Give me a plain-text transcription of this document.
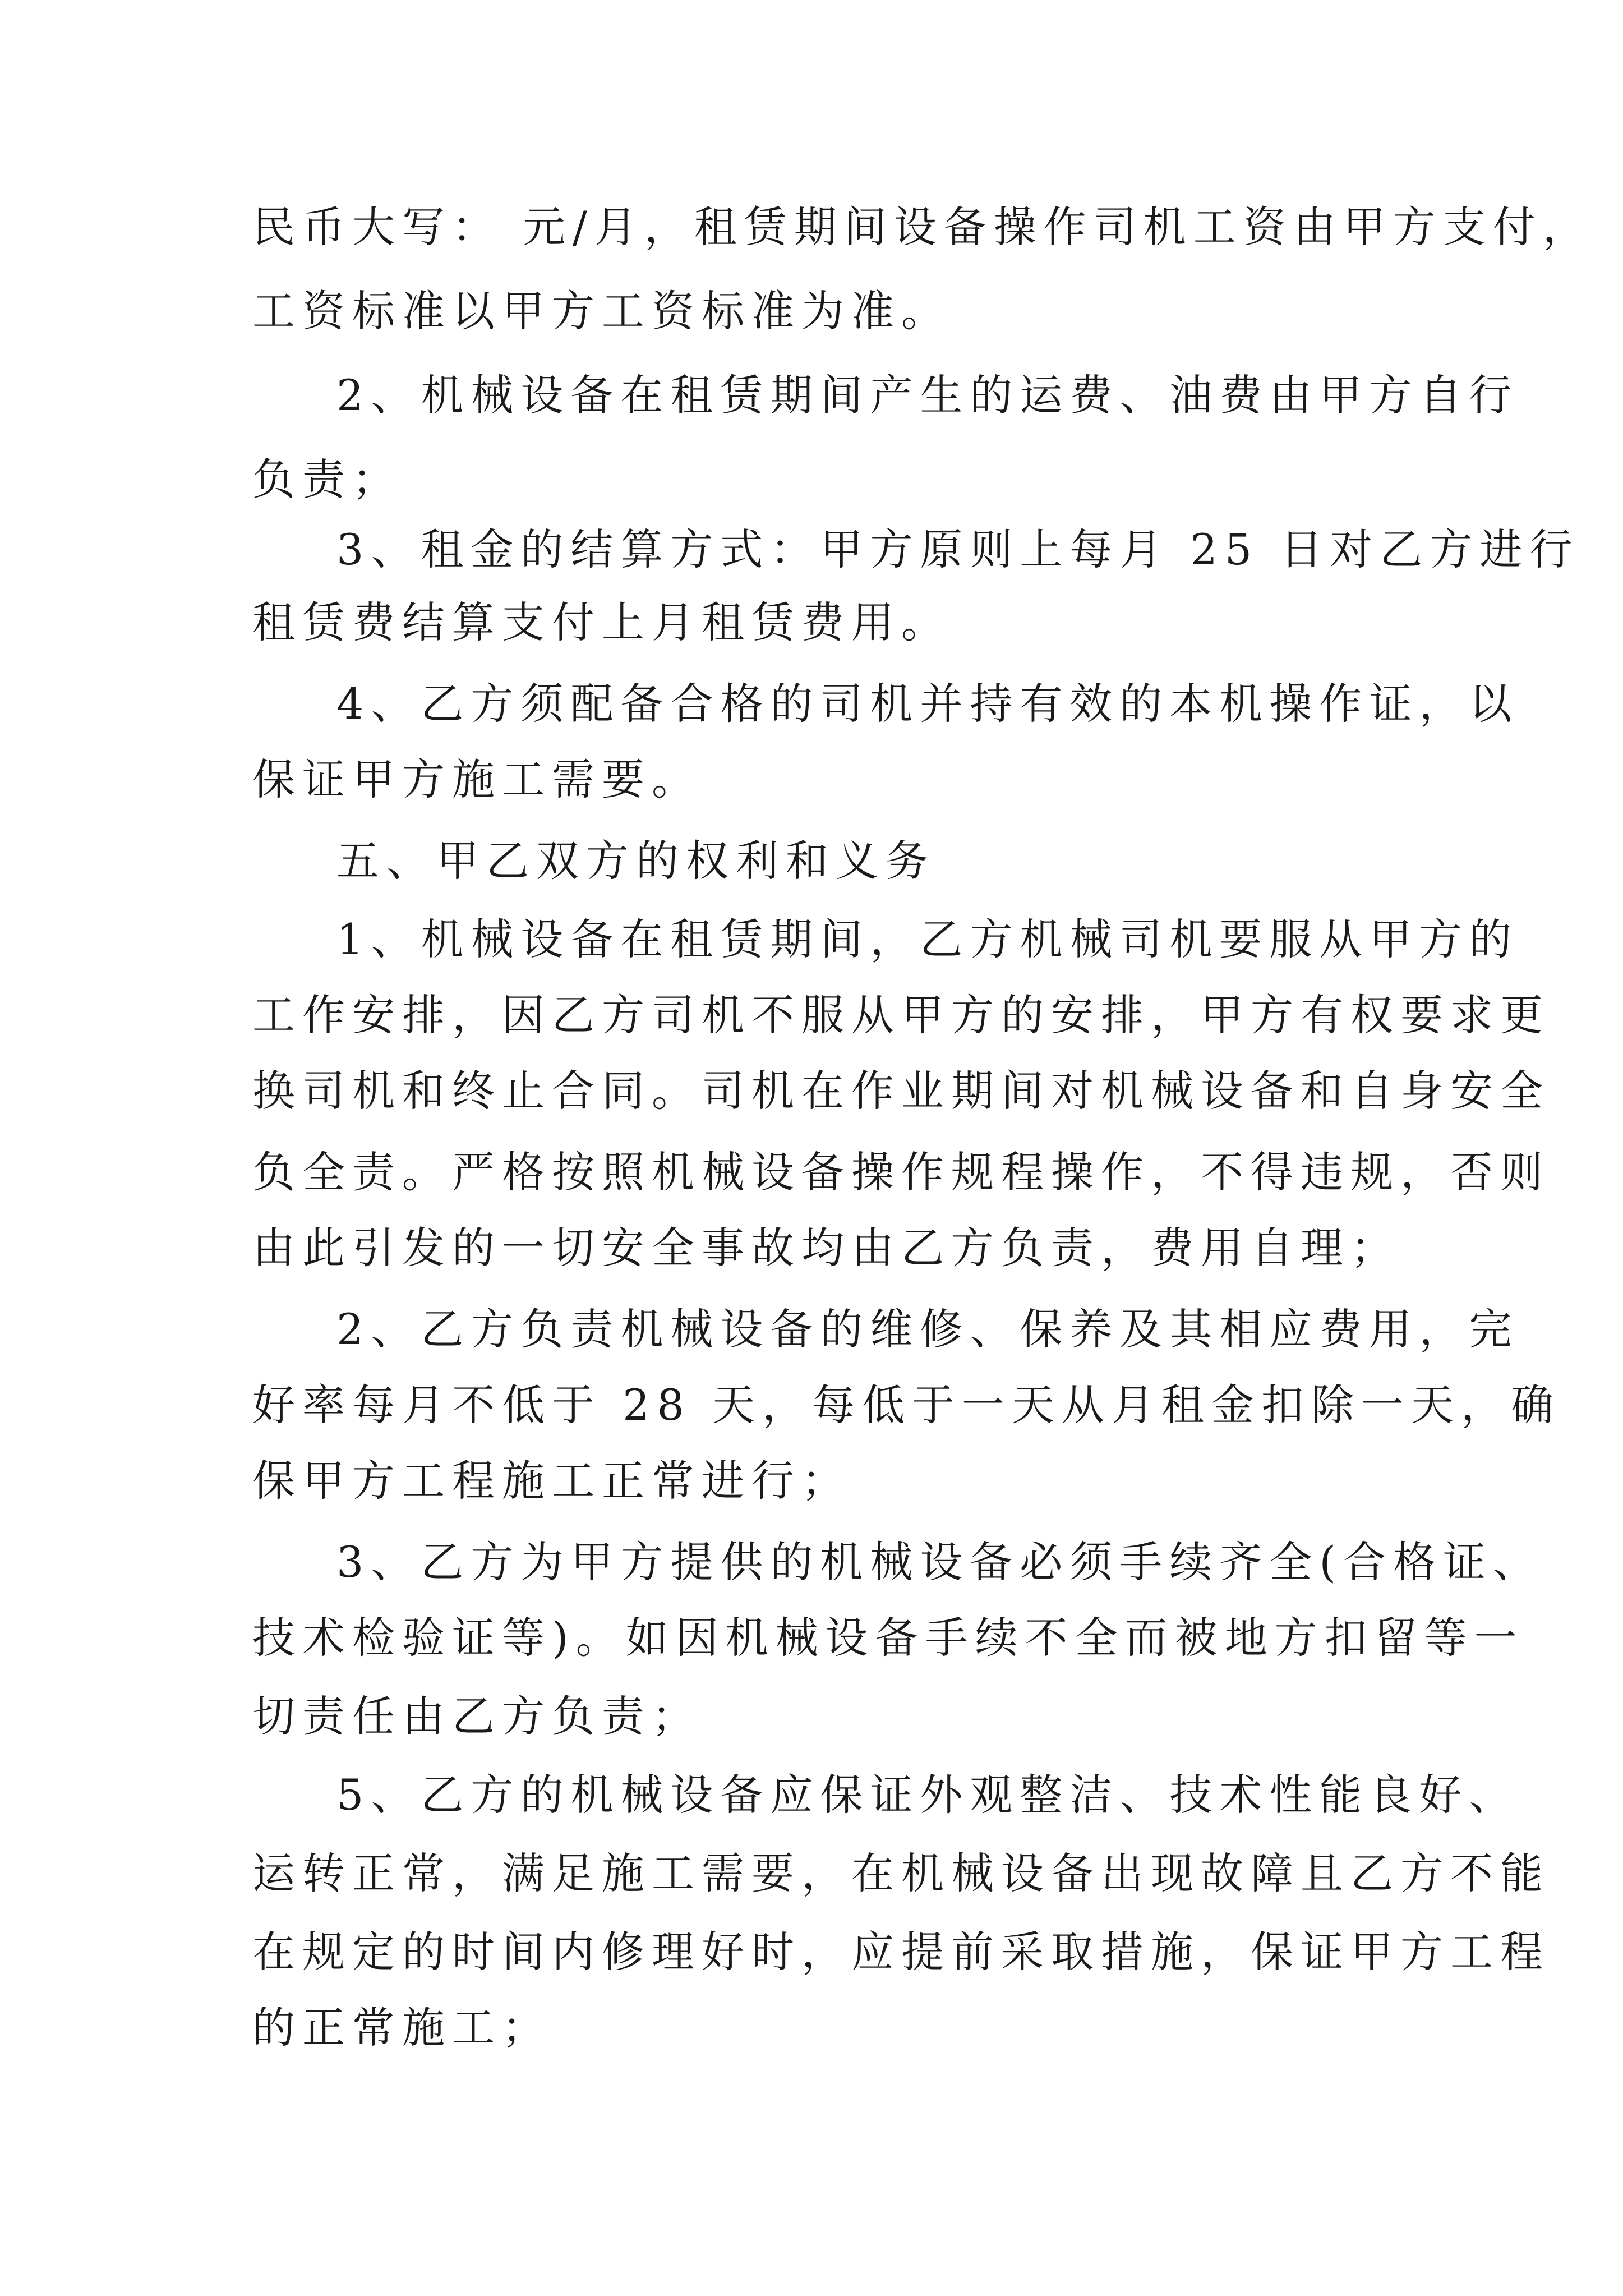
民币大写： 元/月，租赁期间设备操作司机工资由甲方支付，
工资标准以甲方工资标准为准。
2、机械设备在租赁期间产生的运费、油费由甲方自行
负责；
3、租金的结算方式：甲方原则上每月 25 日对乙方进行
租赁费结算支付上月租赁费用。
4、乙方须配备合格的司机并持有效的本机操作证，以
保证甲方施工需要。
五、甲乙双方的权利和义务
1、机械设备在租赁期间，乙方机械司机要服从甲方的
工作安排，因乙方司机不服从甲方的安排，甲方有权要求更
换司机和终止合同。司机在作业期间对机械设备和自身安全
负全责。严格按照机械设备操作规程操作，不得违规，否则
由此引发的一切安全事故均由乙方负责，费用自理；
2、乙方负责机械设备的维修、保养及其相应费用，完
好率每月不低于 28 天，每低于一天从月租金扣除一天，确
保甲方工程施工正常进行；
3、乙方为甲方提供的机械设备必须手续齐全(合格证、
技术检验证等)。如因机械设备手续不全而被地方扣留等一
切责任由乙方负责；
5、乙方的机械设备应保证外观整洁、技术性能良好、
运转正常，满足施工需要，在机械设备出现故障且乙方不能
在规定的时间内修理好时，应提前采取措施，保证甲方工程
的正常施工；
